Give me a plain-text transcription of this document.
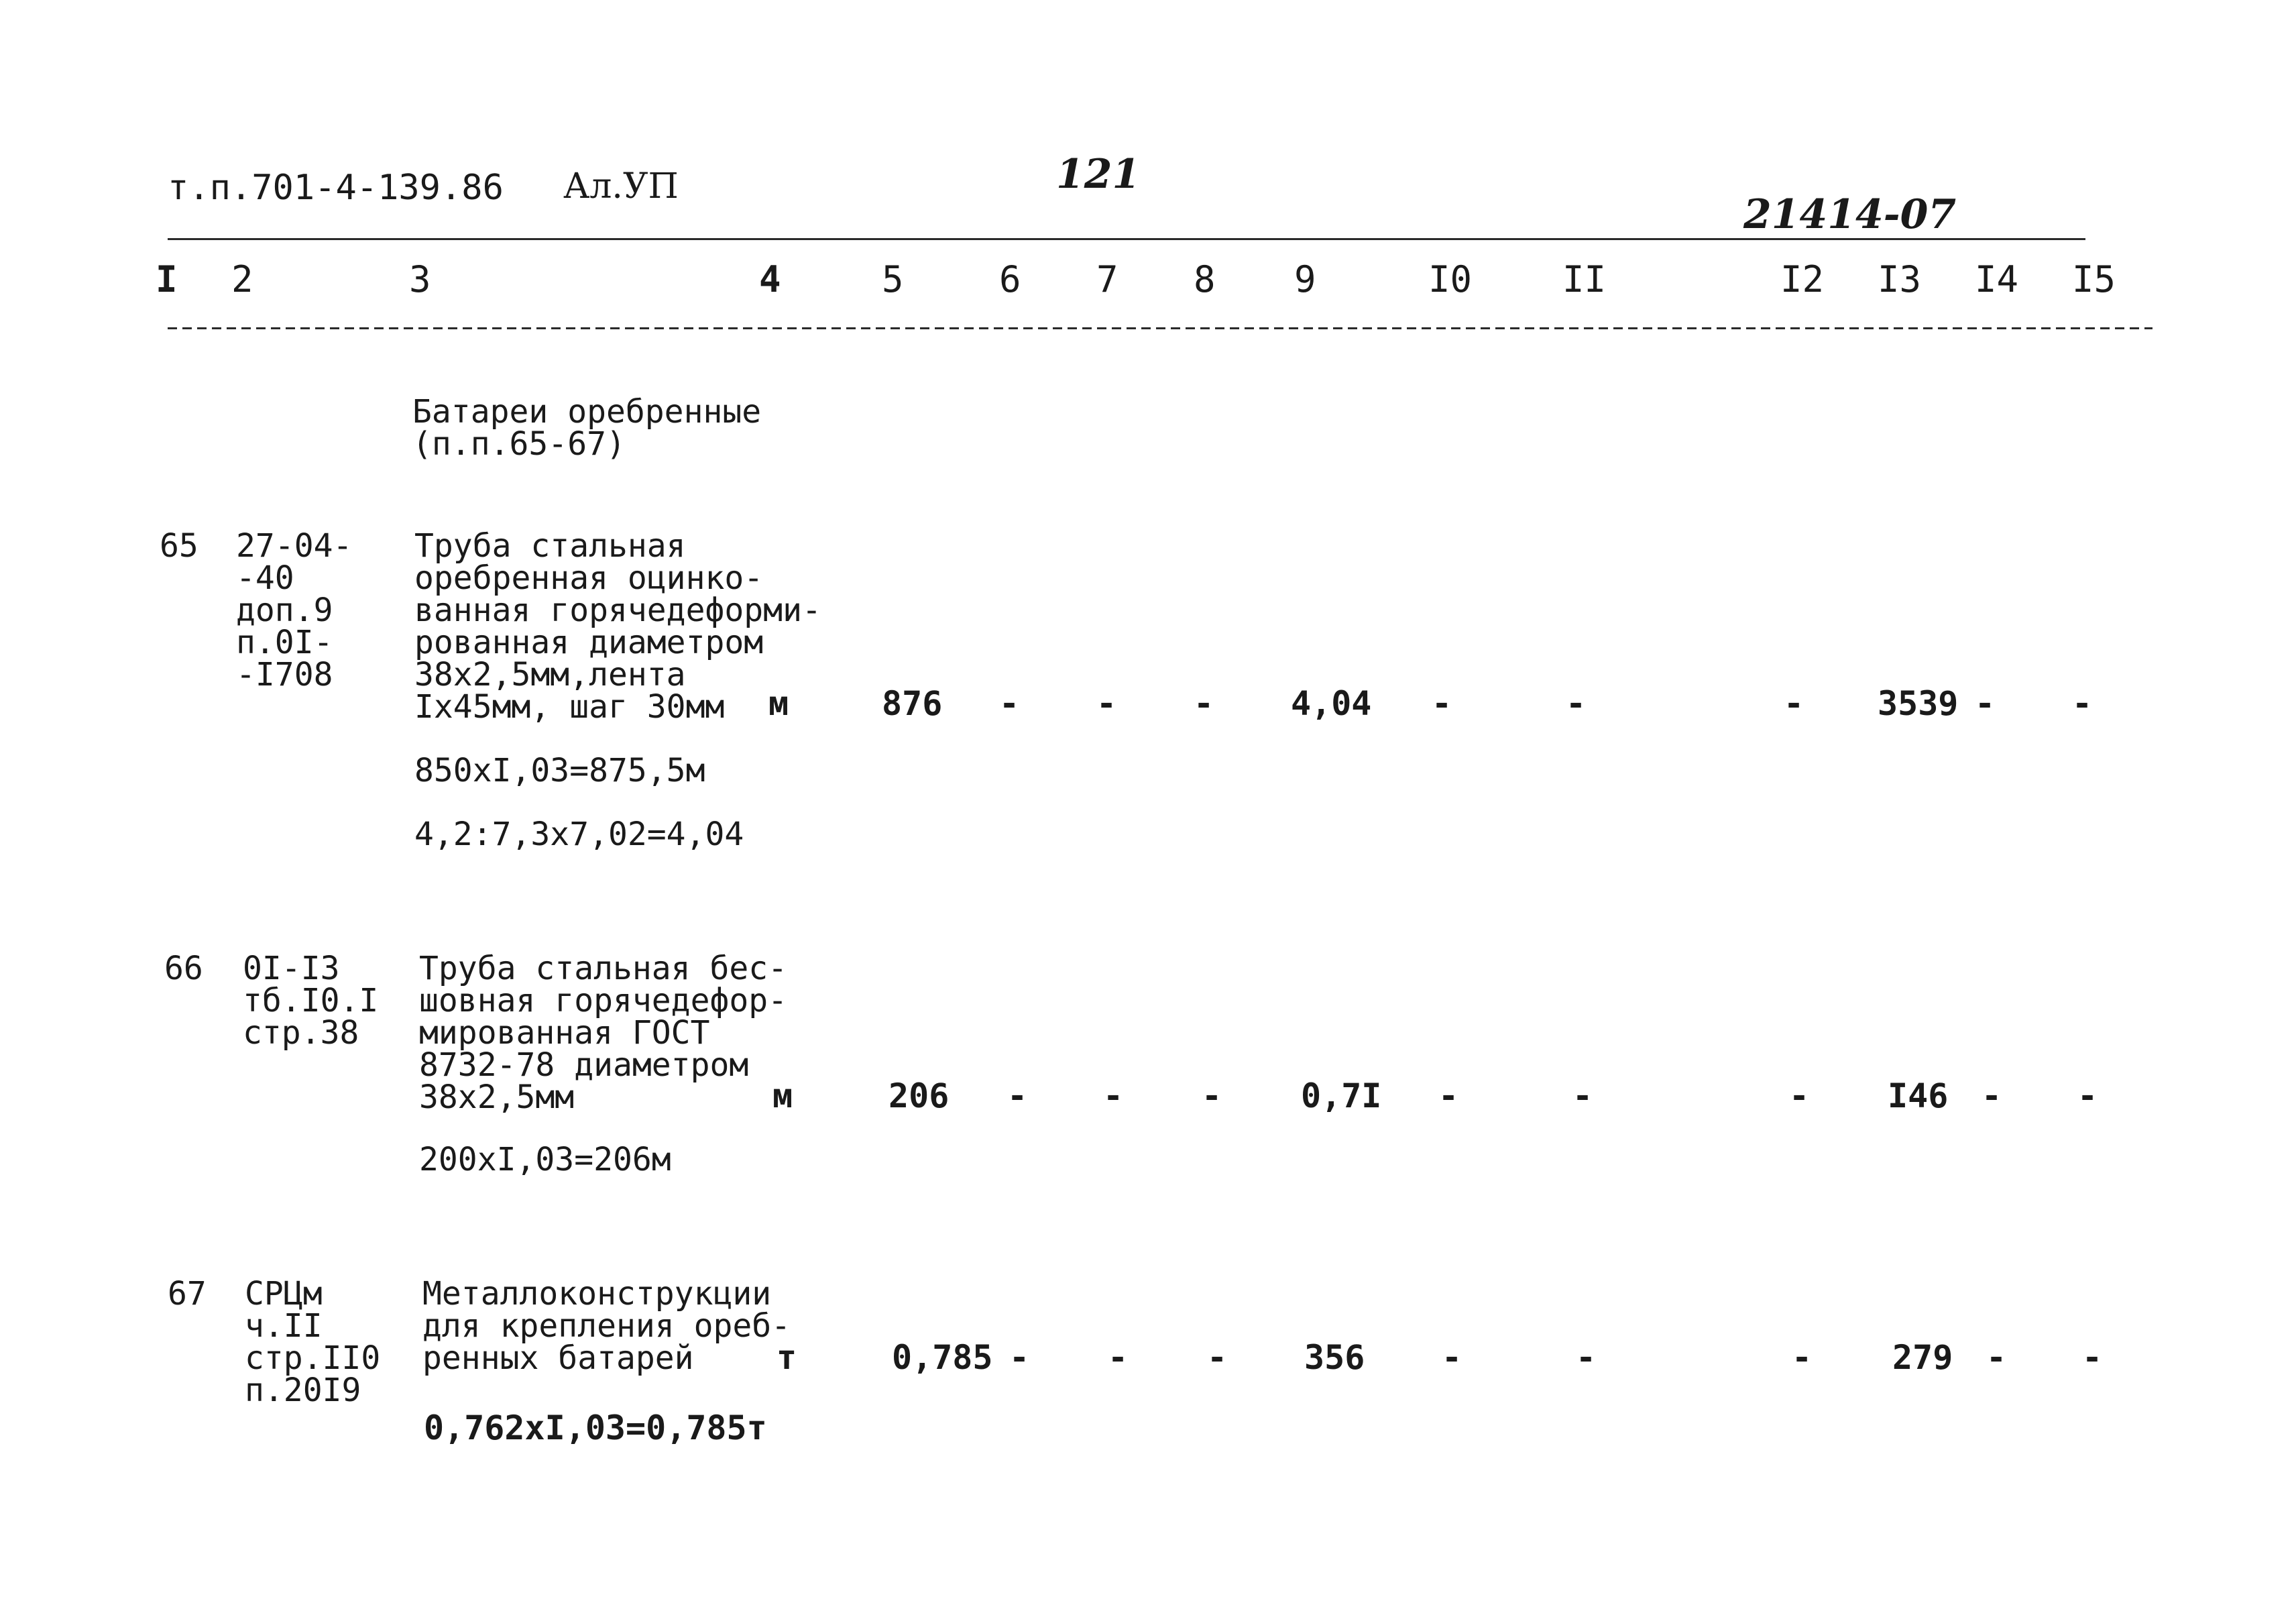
т.п.701-4-139.86 Ал.УП	121
21414-07
I 2	3	4	5	6 7 8 9	I0 II	I2 I3 I4 I5
Батареи оребренные
(п.п.65-67)
65 27-04-
-40
доп.9
п.0I-
-I708
Труба стальная
оребренная оцинко-
ванная горячедеформи-
рованная диаметром
38х2,5мм,лента
Iх45мм, шаг 30мм	м	876 - - - 4,04 -	-	- 3539 - -
850хI,03=875,5м
4,2:7,3х7,02=4,04
66 0I-I3
тб.I0.I
стр.38
Труба стальная бес-
шовная горячедефор-
мированная ГОСТ
8732-78 диаметром
38х2,5мм	м	206 - - - 0,7I -	-	- I46 - -
200хI,03=206м
67 СРЦм
ч.II
стр.II0
п.20I9
Металлоконструкции
для крепления ореб-
ренных батарей	т	0,785 - - - 356 -	-	- 279 - -
0,762хI,03=0,785т
